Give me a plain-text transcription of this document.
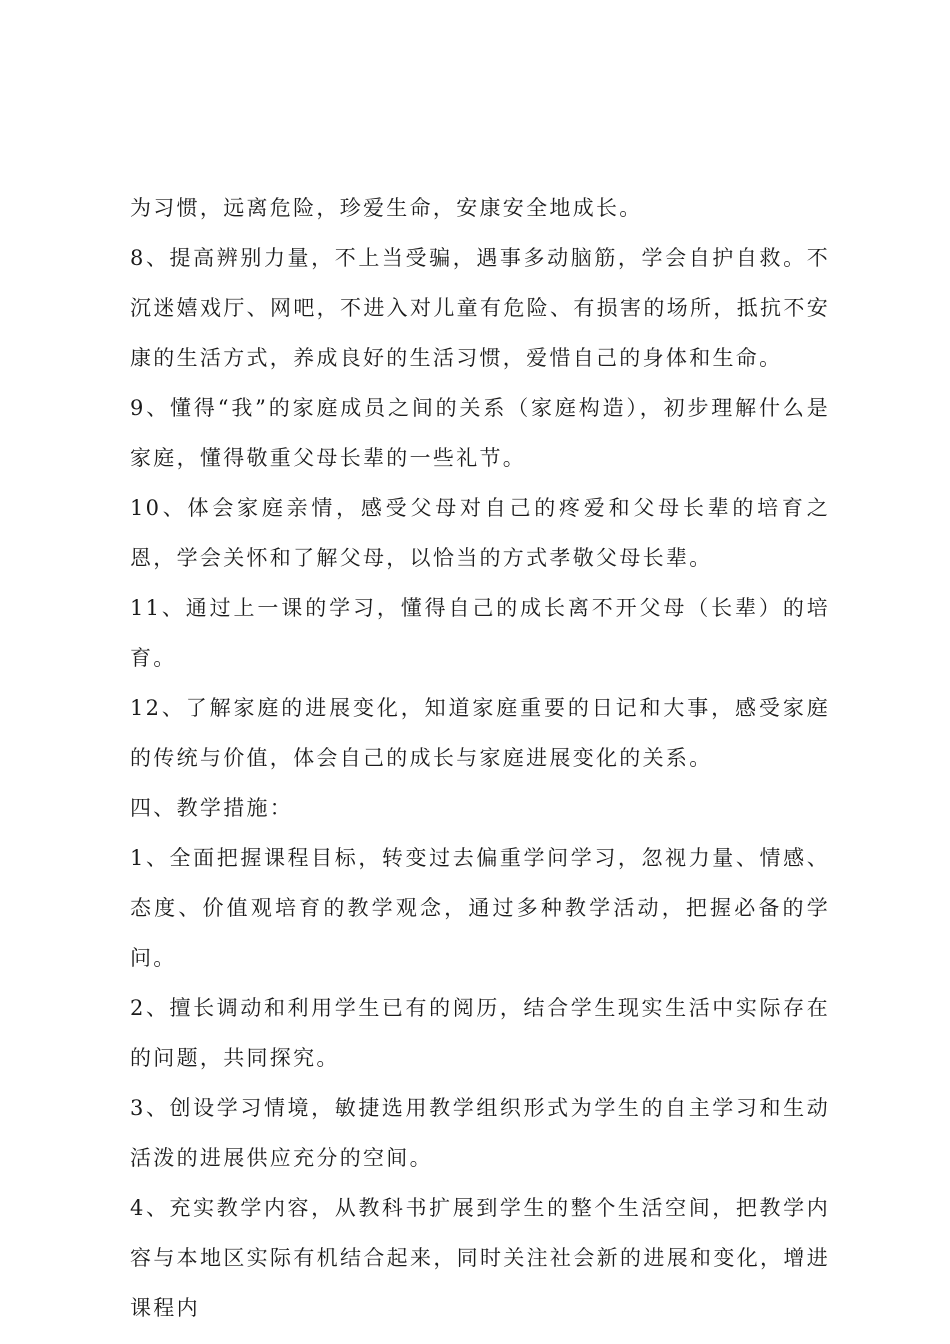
为习惯，远离危险，珍爱生命，安康安全地成长。

8、提高辨别力量，不上当受骗，遇事多动脑筋，学会自护自救。不沉迷嬉戏厅、网吧，不进入对儿童有危险、有损害的场所，抵抗不安康的生活方式，养成良好的生活习惯，爱惜自己的身体和生命。

9、懂得“我”的家庭成员之间的关系（家庭构造），初步理解什么是家庭，懂得敬重父母长辈的一些礼节。

10、体会家庭亲情，感受父母对自己的疼爱和父母长辈的培育之恩，学会关怀和了解父母，以恰当的方式孝敬父母长辈。

11、通过上一课的学习，懂得自己的成长离不开父母（长辈）的培育。

12、了解家庭的进展变化，知道家庭重要的日记和大事，感受家庭的传统与价值，体会自己的成长与家庭进展变化的关系。

四、教学措施：

1、全面把握课程目标，转变过去偏重学问学习，忽视力量、情感、态度、价值观培育的教学观念，通过多种教学活动，把握必备的学问。

2、擅长调动和利用学生已有的阅历，结合学生现实生活中实际存在的问题，共同探究。

3、创设学习情境，敏捷选用教学组织形式为学生的自主学习和生动活泼的进展供应充分的空间。

4、充实教学内容，从教科书扩展到学生的整个生活空间，把教学内容与本地区实际有机结合起来，同时关注社会新的进展和变化，增进课程内
